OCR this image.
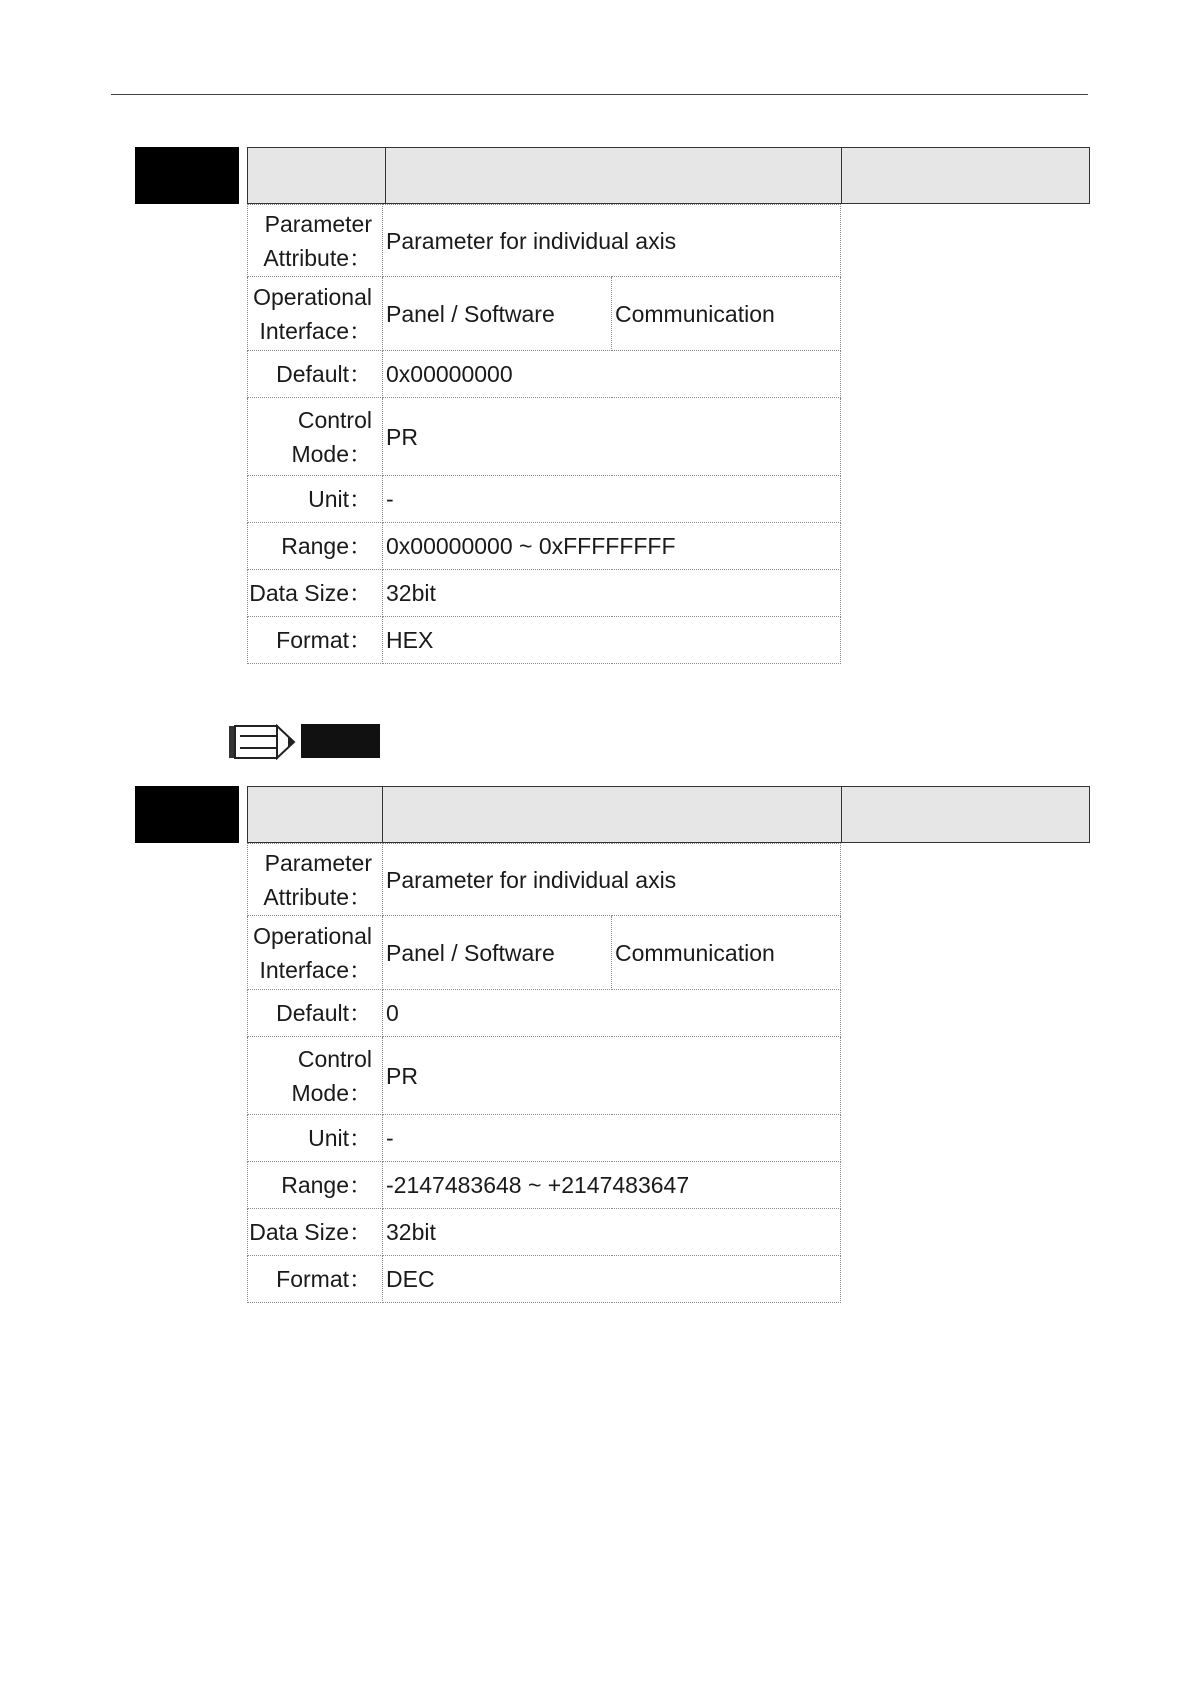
Parameter Attribute：	Parameter for individual axis	
Operational Interface：	Panel / Software	Communication
Default：	0x00000000	
Control Mode：	PR	
Unit：	-	
Range：	0x00000000 ~ 0xFFFFFFFF	
Data Size：	32bit	
Format：	HEX	
Parameter Attribute：	Parameter for individual axis	
Operational Interface：	Panel / Software	Communication
Default：	0	
Control Mode：	PR	
Unit：	-	
Range：	-2147483648 ~ +2147483647	
Data Size：	32bit	
Format：	DEC	
